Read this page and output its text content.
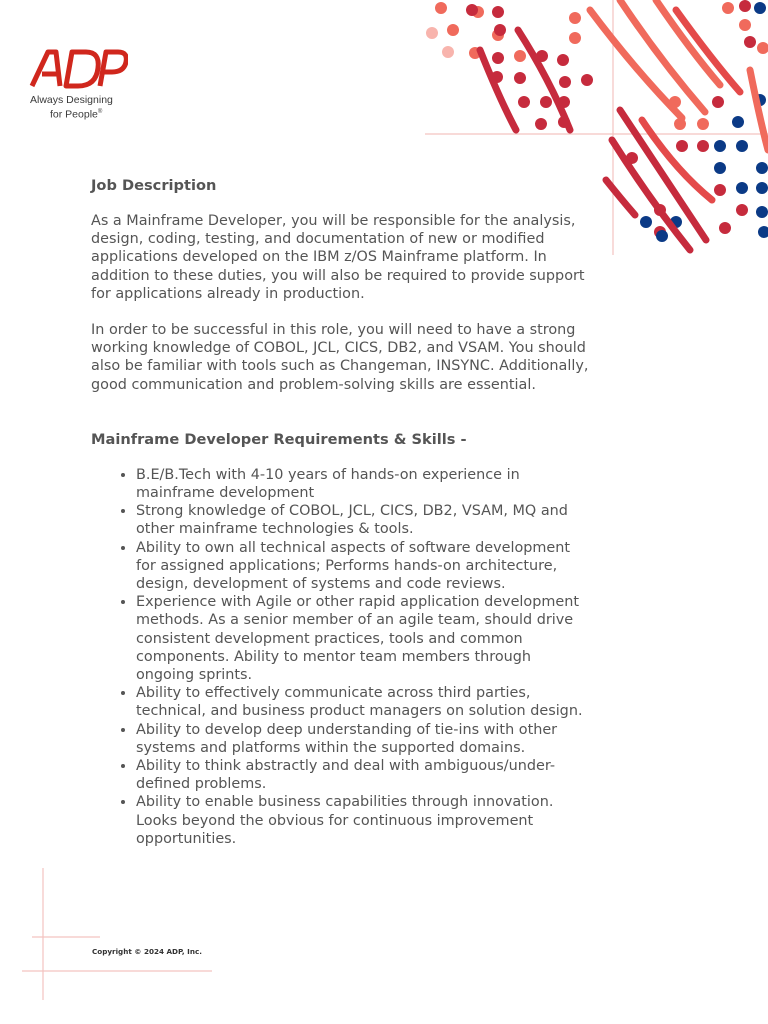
Always Designing
for People®

Job Description

As a Mainframe Developer, you will be responsible for the analysis, design, coding, testing, and documentation of new or modified applications developed on the IBM z/OS Mainframe platform. In addition to these duties, you will also be required to provide support for applications already in production.

In order to be successful in this role, you will need to have a strong working knowledge of COBOL, JCL, CICS, DB2, and VSAM. You should also be familiar with tools such as Changeman, INSYNC. Additionally, good communication and problem-solving skills are essential.

Mainframe Developer Requirements & Skills -

• B.E/B.Tech with 4-10 years of hands-on experience in mainframe development
• Strong knowledge of COBOL, JCL, CICS, DB2, VSAM, MQ and other mainframe technologies & tools.
• Ability to own all technical aspects of software development for assigned applications; Performs hands-on architecture, design, development of systems and code reviews.
• Experience with Agile or other rapid application development methods. As a senior member of an agile team, should drive consistent development practices, tools and common components. Ability to mentor team members through ongoing sprints.
• Ability to effectively communicate across third parties, technical, and business product managers on solution design.
• Ability to develop deep understanding of tie-ins with other systems and platforms within the supported domains.
• Ability to think abstractly and deal with ambiguous/under-defined problems.
• Ability to enable business capabilities through innovation. Looks beyond the obvious for continuous improvement opportunities.
Copyright © 2024 ADP, Inc.
